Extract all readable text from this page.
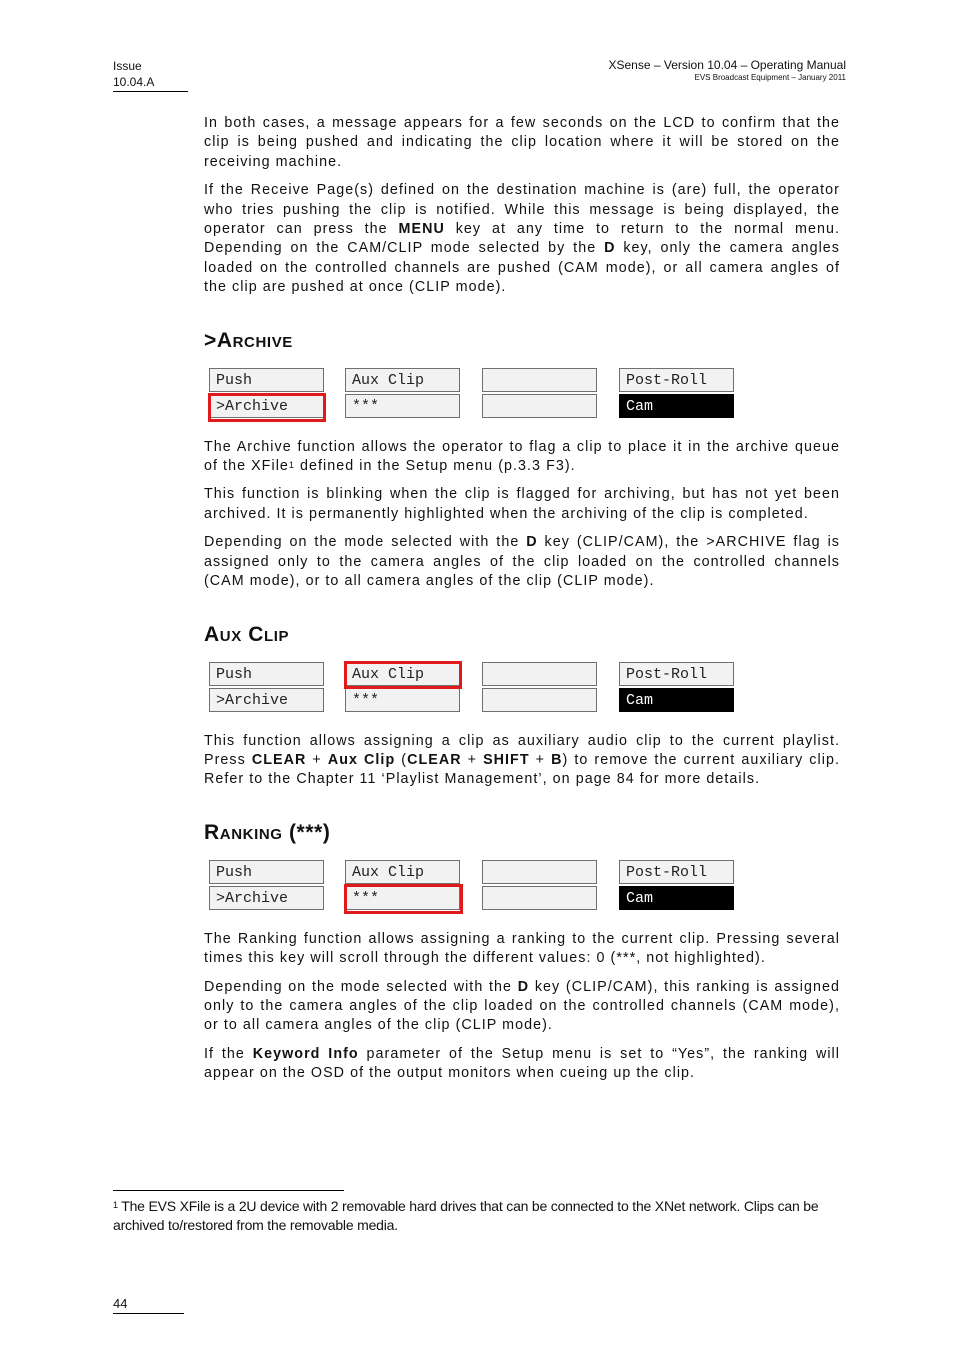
Issue
10.04.A
XSense – Version 10.04 – Operating Manual
EVS Broadcast Equipment – January 2011

In both cases, a message appears for a few seconds on the LCD to confirm that the clip is being pushed and indicating the clip location where it will be stored on the receiving machine.

If the Receive Page(s) defined on the destination machine is (are) full, the operator who tries pushing the clip is notified. While this message is being displayed, the operator can press the MENU key at any time to return to the normal menu. Depending on the CAM/CLIP mode selected by the D key, only the camera angles loaded on the controlled channels are pushed (CAM mode), or all camera angles of the clip are pushed at once (CLIP mode).

>Archive
Push
>Archive
Aux Clip
***
Post-Roll
Cam

The Archive function allows the operator to flag a clip to place it in the archive queue of the XFile$^1$ defined in the Setup menu (p.3.3 F3).

This function is blinking when the clip is flagged for archiving, but has not yet been archived. It is permanently highlighted when the archiving of the clip is completed.

Depending on the mode selected with the D key (CLIP/CAM), the >ARCHIVE flag is assigned only to the camera angles of the clip loaded on the controlled channels (CAM mode), or to all camera angles of the clip (CLIP mode).

Aux Clip
Push
>Archive
Aux Clip
***
Post-Roll
Cam

This function allows assigning a clip as auxiliary audio clip to the current playlist. Press CLEAR + Aux Clip (CLEAR + SHIFT + B) to remove the current auxiliary clip. Refer to the Chapter 11 ‘Playlist Management’, on page 84 for more details.

Ranking (***)
Push
>Archive
Aux Clip
***
Post-Roll
Cam

The Ranking function allows assigning a ranking to the current clip. Pressing several times this key will scroll through the different values: 0 (***, not highlighted).

Depending on the mode selected with the D key (CLIP/CAM), this ranking is assigned only to the camera angles of the clip loaded on the controlled channels (CAM mode), or to all camera angles of the clip (CLIP mode).

If the Keyword Info parameter of the Setup menu is set to “Yes”, the ranking will appear on the OSD of the output monitors when cueing up the clip.

$^1$ The EVS XFile is a 2U device with 2 removable hard drives that can be connected to the XNet network. Clips can be archived to/restored from the removable media.
44
